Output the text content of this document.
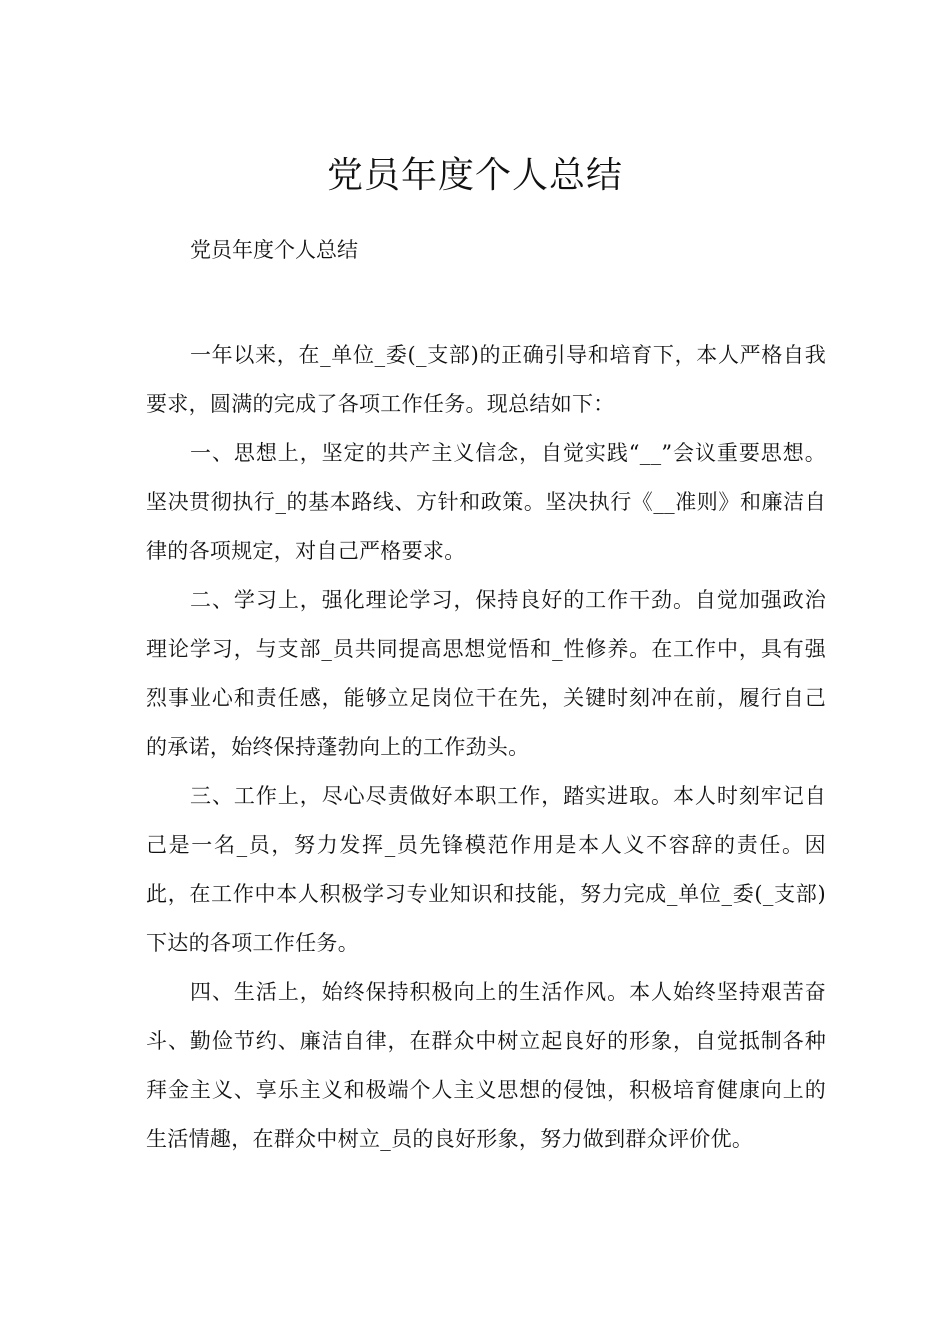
党员年度个人总结
党员年度个人总结

一年以来，在_单位_委(_支部)的正确引导和培育下，本人严格自我要求，圆满的完成了各项工作任务。现总结如下：

一、思想上，坚定的共产主义信念，自觉实践“__”会议重要思想。坚决贯彻执行_的基本路线、方针和政策。坚决执行《__准则》和廉洁自律的各项规定，对自己严格要求。

二、学习上，强化理论学习，保持良好的工作干劲。自觉加强政治理论学习，与支部_员共同提高思想觉悟和_性修养。在工作中，具有强烈事业心和责任感，能够立足岗位干在先，关键时刻冲在前，履行自己的承诺，始终保持蓬勃向上的工作劲头。

三、工作上，尽心尽责做好本职工作，踏实进取。本人时刻牢记自己是一名_员，努力发挥_员先锋模范作用是本人义不容辞的责任。因此，在工作中本人积极学习专业知识和技能，努力完成_单位_委(_支部)下达的各项工作任务。

四、生活上，始终保持积极向上的生活作风。本人始终坚持艰苦奋斗、勤俭节约、廉洁自律，在群众中树立起良好的形象，自觉抵制各种拜金主义、享乐主义和极端个人主义思想的侵蚀，积极培育健康向上的生活情趣，在群众中树立_员的良好形象，努力做到群众评价优。
